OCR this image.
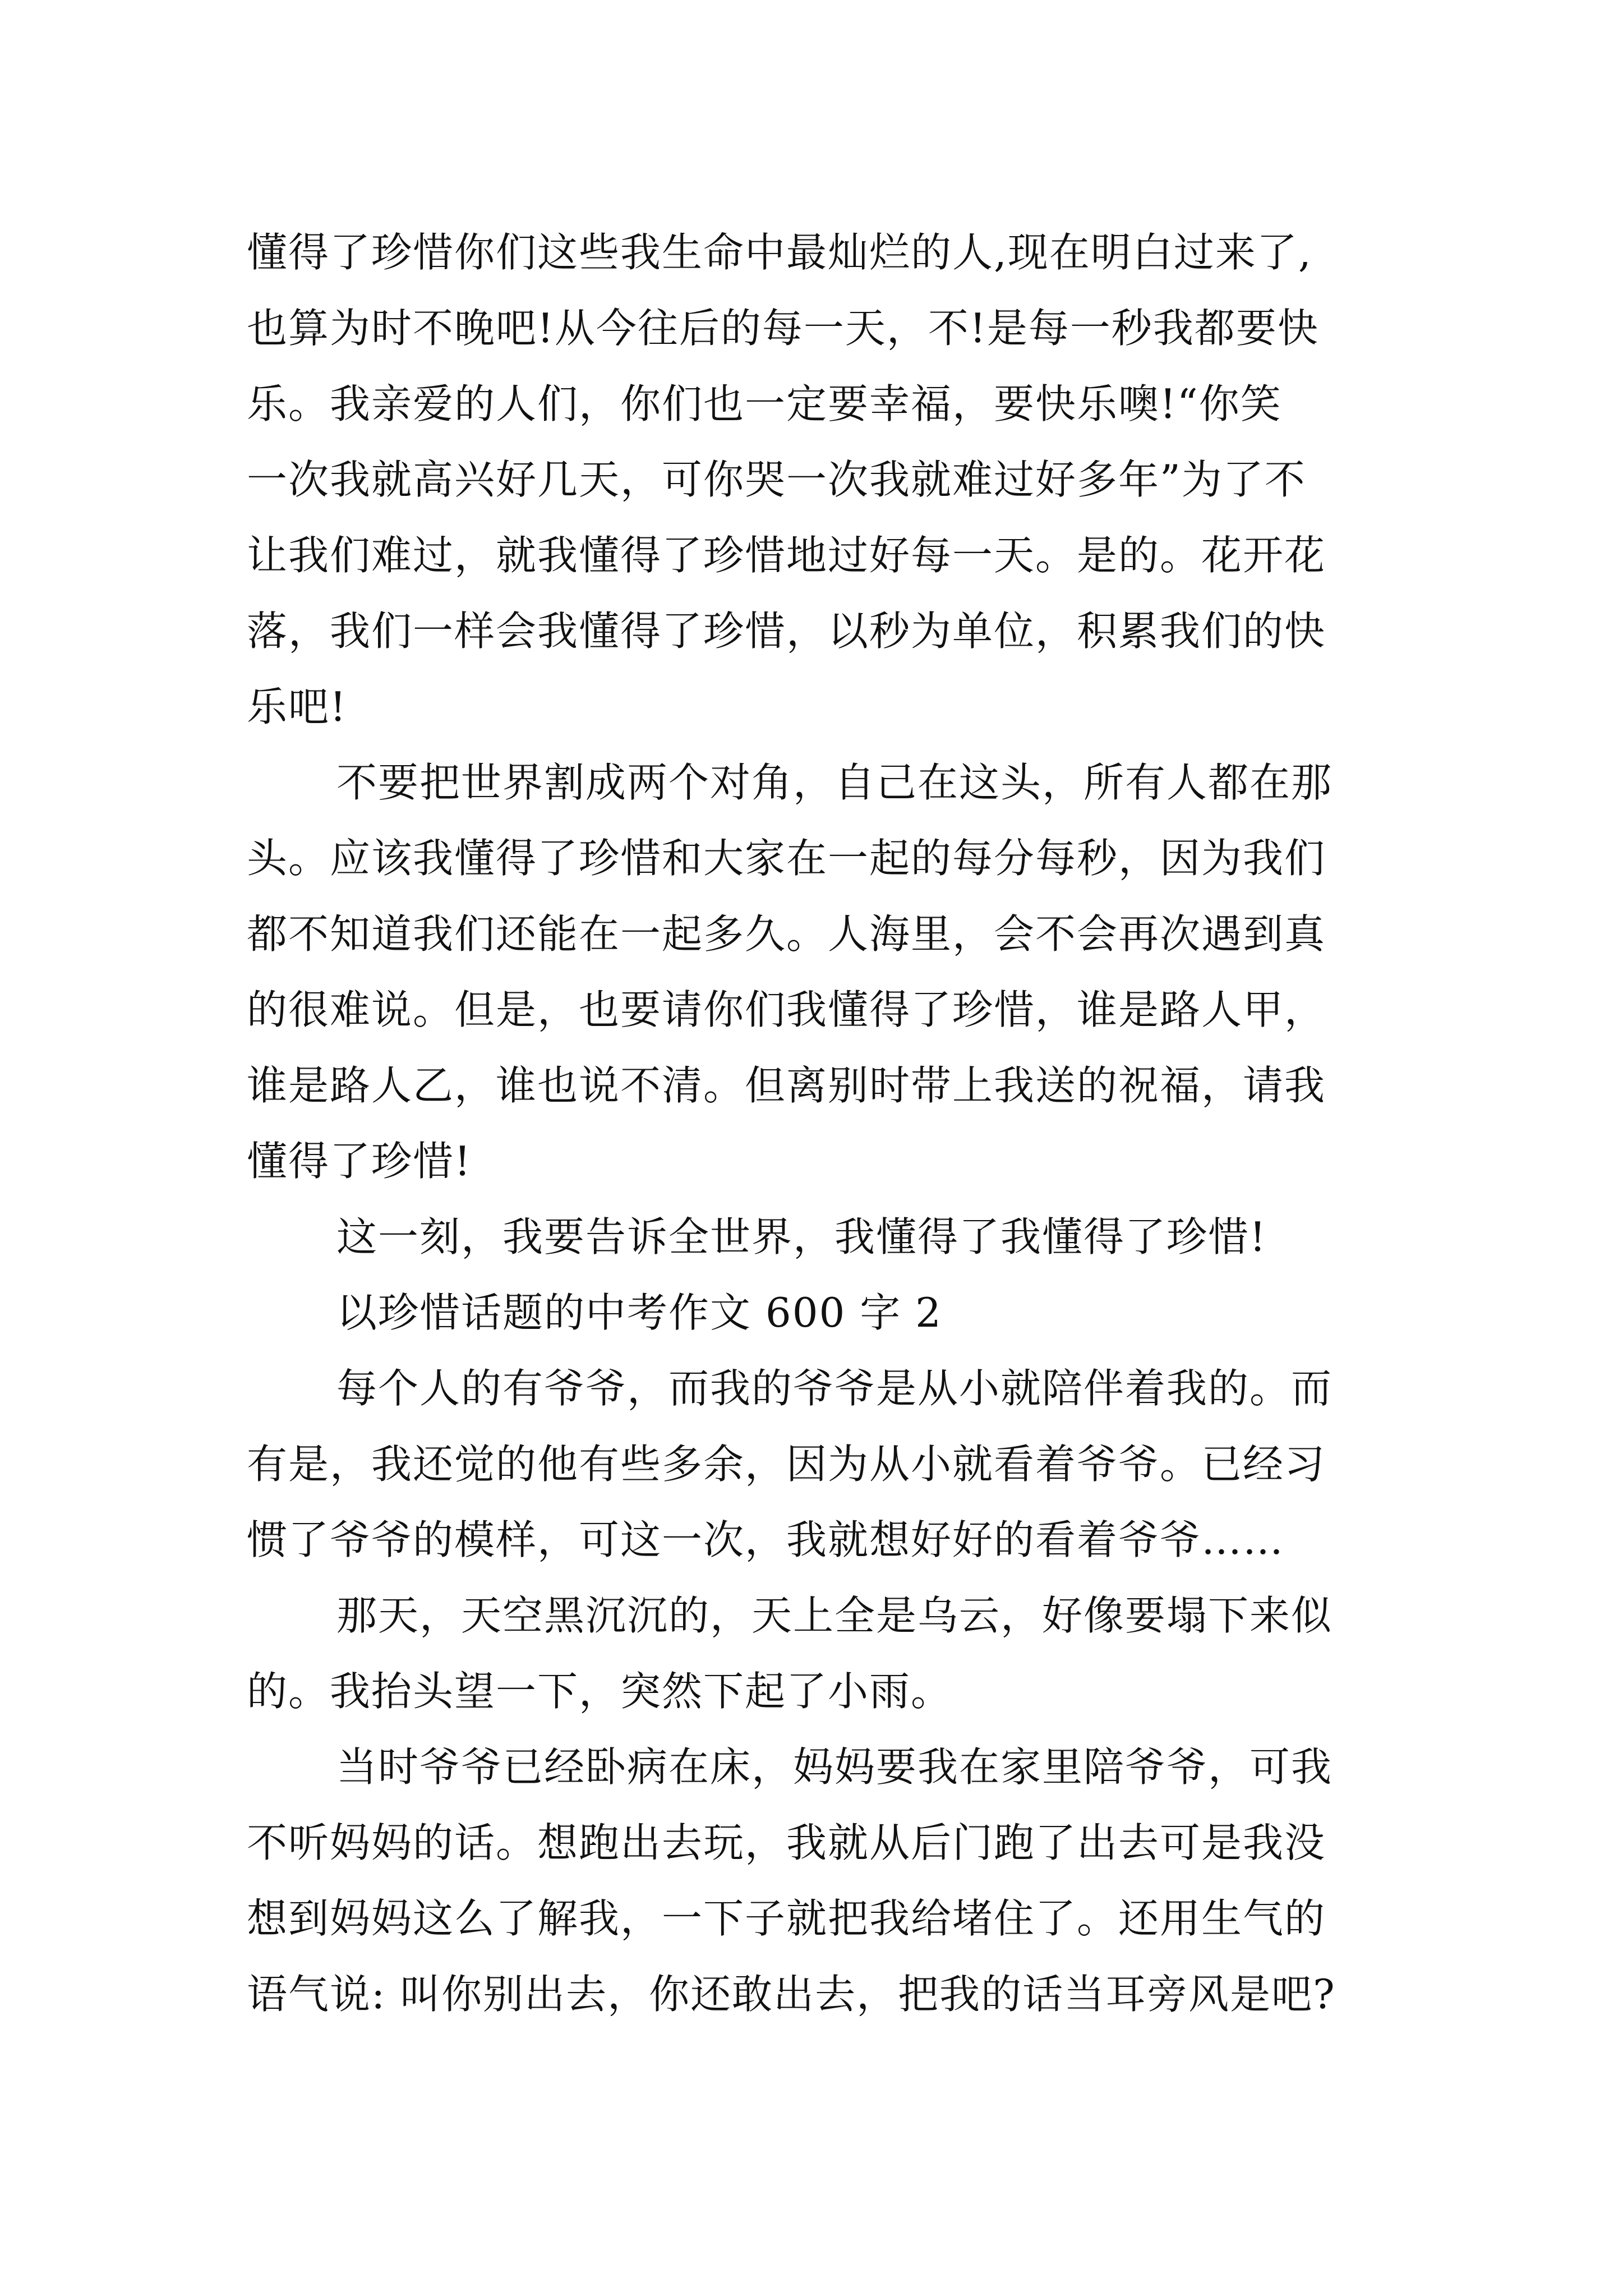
懂得了珍惜你们这些我生命中最灿烂的人,现在明白过来了,

也算为时不晚吧!从今往后的每一天，不!是每一秒我都要快

乐。我亲爱的人们，你们也一定要幸福，要快乐噢!“你笑

一次我就高兴好几天，可你哭一次我就难过好多年”为了不

让我们难过，就我懂得了珍惜地过好每一天。是的。花开花

落，我们一样会我懂得了珍惜，以秒为单位，积累我们的快

乐吧!

不要把世界割成两个对角，自己在这头，所有人都在那

头。应该我懂得了珍惜和大家在一起的每分每秒，因为我们

都不知道我们还能在一起多久。人海里，会不会再次遇到真

的很难说。但是，也要请你们我懂得了珍惜，谁是路人甲，

谁是路人乙，谁也说不清。但离别时带上我送的祝福，请我

懂得了珍惜!

这一刻，我要告诉全世界，我懂得了我懂得了珍惜!

以珍惜话题的中考作文 600 字 2

每个人的有爷爷，而我的爷爷是从小就陪伴着我的。而

有是，我还觉的他有些多余，因为从小就看着爷爷。已经习

惯了爷爷的模样，可这一次，我就想好好的看着爷爷……

那天，天空黑沉沉的，天上全是乌云，好像要塌下来似

的。我抬头望一下，突然下起了小雨。

当时爷爷已经卧病在床，妈妈要我在家里陪爷爷，可我

不听妈妈的话。想跑出去玩，我就从后门跑了出去可是我没

想到妈妈这么了解我，一下子就把我给堵住了。还用生气的

语气说: 叫你别出去，你还敢出去，把我的话当耳旁风是吧?
